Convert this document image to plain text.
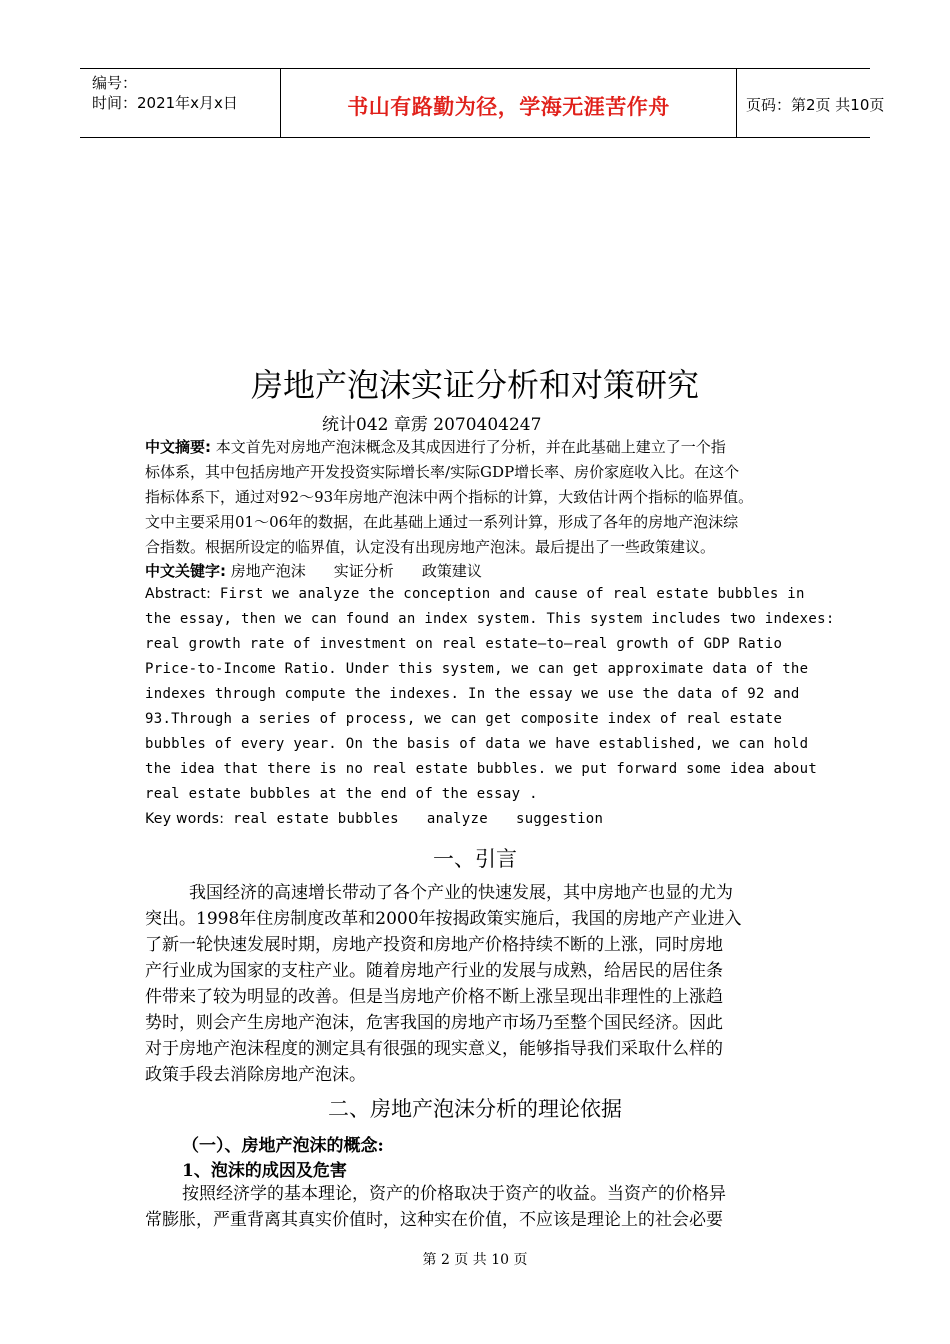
编号：
时间：2021年x月x日	书山有路勤为径，学海无涯苦作舟	页码：第2页 共10页
房地产泡沫实证分析和对策研究
统计042 章雳 2070404247
中文摘要: 本文首先对房地产泡沫概念及其成因进行了分析，并在此基础上建立了一个指
标体系，其中包括房地产开发投资实际增长率/实际GDP增长率、房价家庭收入比。在这个
指标体系下，通过对92～93年房地产泡沫中两个指标的计算，大致估计两个指标的临界值。
文中主要采用01～06年的数据，在此基础上通过一系列计算，形成了各年的房地产泡沫综
合指数。根据所设定的临界值，认定没有出现房地产泡沫。最后提出了一些政策建议。
中文关键字: 房地产泡沫 实证分析 政策建议
Abstract: First we analyze the conception and cause of real estate bubbles in
the essay, then we can found an index system. This system includes two indexes:
real growth rate of investment on real estate—to—real growth of GDP Ratio
Price-to-Income Ratio. Under this system, we can get approximate data of the
indexes through compute the indexes. In the essay we use the data of 92 and
93.Through a series of process, we can get composite index of real estate
bubbles of every year. On the basis of data we have established, we can hold
the idea that there is no real estate bubbles. we put forward some idea about
real estate bubbles at the end of the essay .
Key words: real estate bubbles analyze suggestion
一、引言
我国经济的高速增长带动了各个产业的快速发展，其中房地产也显的尤为
突出。1998年住房制度改革和2000年按揭政策实施后，我国的房地产产业进入
了新一轮快速发展时期，房地产投资和房地产价格持续不断的上涨，同时房地
产行业成为国家的支柱产业。随着房地产行业的发展与成熟，给居民的居住条
件带来了较为明显的改善。但是当房地产价格不断上涨呈现出非理性的上涨趋
势时，则会产生房地产泡沫，危害我国的房地产市场乃至整个国民经济。因此
对于房地产泡沫程度的测定具有很强的现实意义，能够指导我们采取什么样的
政策手段去消除房地产泡沫。
二、房地产泡沫分析的理论依据
（一）、房地产泡沫的概念:
1、泡沫的成因及危害
按照经济学的基本理论，资产的价格取决于资产的收益。当资产的价格异
常膨胀，严重背离其真实价值时，这种实在价值，不应该是理论上的社会必要
第 2 页 共 10 页
